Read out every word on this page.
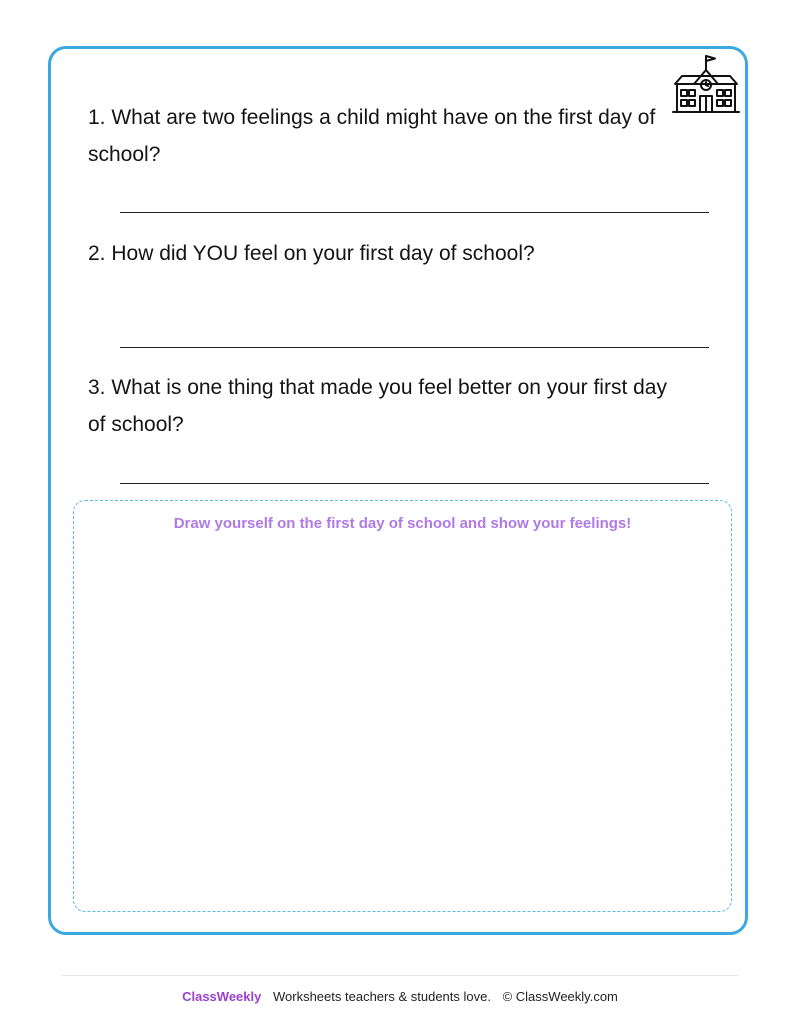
1. What are two feelings a child might have on the first day of school?
2. How did YOU feel on your first day of school?
3. What is one thing that made you feel better on your first day of school?
Draw yourself on the first day of school and show your feelings!
ClassWeekly Worksheets teachers & students love. © ClassWeekly.com
